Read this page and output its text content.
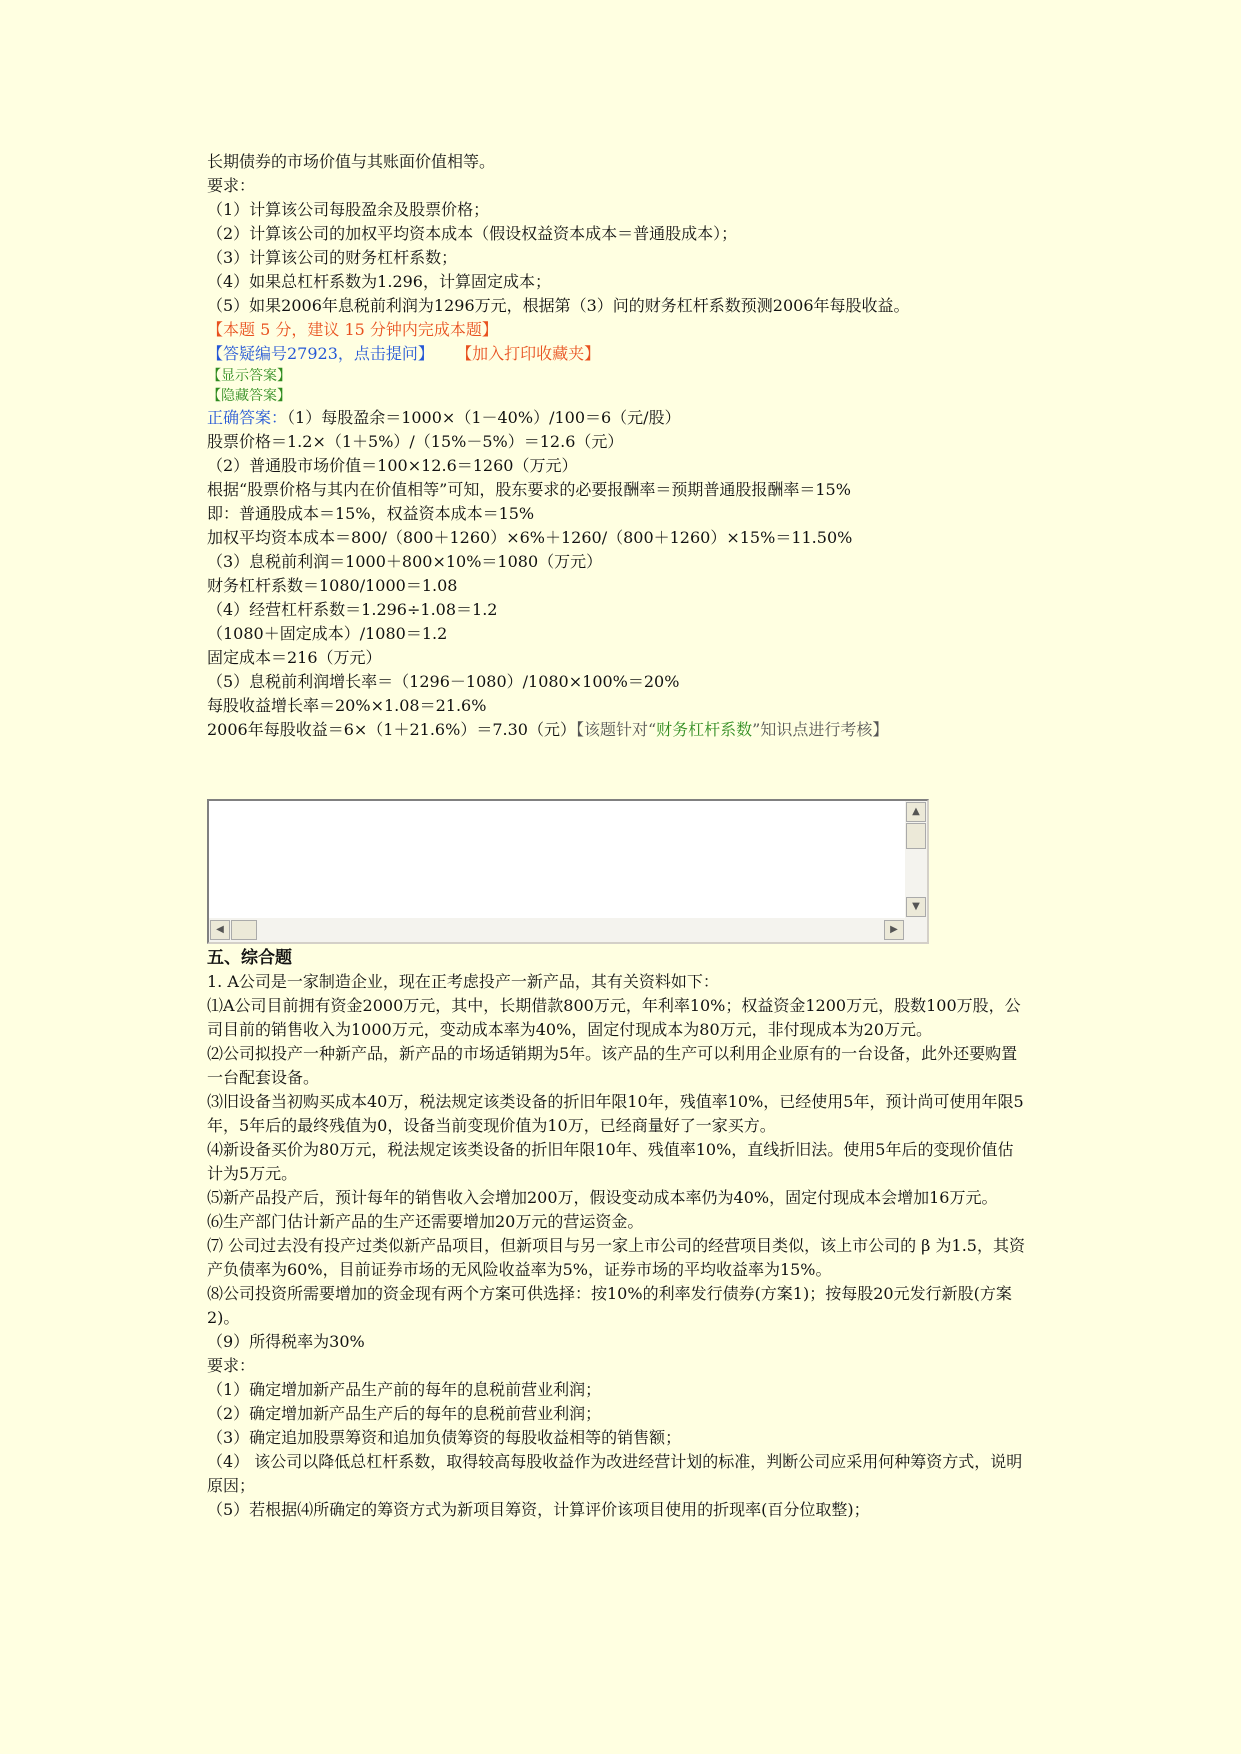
长期债券的市场价值与其账面价值相等。
要求：
（1）计算该公司每股盈余及股票价格；
（2）计算该公司的加权平均资本成本（假设权益资本成本＝普通股成本）；
（3）计算该公司的财务杠杆系数；
（4）如果总杠杆系数为1.296，计算固定成本；
（5）如果2006年息税前利润为1296万元，根据第（3）问的财务杠杆系数预测2006年每股收益。
【本题 5 分，建议 15 分钟内完成本题】
【答疑编号27923，点击提问】 【加入打印收藏夹】
【显示答案】
【隐藏答案】
正确答案：（1）每股盈余＝1000×（1－40%）/100＝6（元/股）
股票价格＝1.2×（1＋5%）/（15%－5%）＝12.6（元）
（2）普通股市场价值＝100×12.6＝1260（万元）
根据“股票价格与其内在价值相等”可知，股东要求的必要报酬率＝预期普通股报酬率＝15%
即：普通股成本＝15%，权益资本成本＝15%
加权平均资本成本＝800/（800＋1260）×6%＋1260/（800＋1260）×15%＝11.50%
（3）息税前利润＝1000＋800×10%＝1080（万元）
财务杠杆系数＝1080/1000＝1.08
（4）经营杠杆系数＝1.296÷1.08＝1.2
（1080＋固定成本）/1080＝1.2
固定成本＝216（万元）
（5）息税前利润增长率＝（1296－1080）/1080×100%＝20%
每股收益增长率＝20%×1.08＝21.6%
2006年每股收益＝6×（1＋21.6%）＝7.30（元）【该题针对“财务杠杆系数”知识点进行考核】
▲
▼
◀	▶
五、综合题
1. A公司是一家制造企业，现在正考虑投产一新产品，其有关资料如下：
⑴A公司目前拥有资金2000万元，其中，长期借款800万元，年利率10%；权益资金1200万元，股数100万股，公司目前的销售收入为1000万元，变动成本率为40%，固定付现成本为80万元，非付现成本为20万元。
⑵公司拟投产一种新产品，新产品的市场适销期为5年。该产品的生产可以利用企业原有的一台设备，此外还要购置一台配套设备。
⑶旧设备当初购买成本40万，税法规定该类设备的折旧年限10年，残值率10%，已经使用5年，预计尚可使用年限5年，5年后的最终残值为0，设备当前变现价值为10万，已经商量好了一家买方。
⑷新设备买价为80万元，税法规定该类设备的折旧年限10年、残值率10%，直线折旧法。使用5年后的变现价值估计为5万元。
⑸新产品投产后，预计每年的销售收入会增加200万，假设变动成本率仍为40%，固定付现成本会增加16万元。
⑹生产部门估计新产品的生产还需要增加20万元的营运资金。
⑺ 公司过去没有投产过类似新产品项目，但新项目与另一家上市公司的经营项目类似，该上市公司的 β 为1.5，其资产负债率为60%，目前证券市场的无风险收益率为5%，证券市场的平均收益率为15%。
⑻公司投资所需要增加的资金现有两个方案可供选择：按10%的利率发行债券(方案1)；按每股20元发行新股(方案2)。
（9）所得税率为30%
要求：
（1）确定增加新产品生产前的每年的息税前营业利润；
（2）确定增加新产品生产后的每年的息税前营业利润；
（3）确定追加股票筹资和追加负债筹资的每股收益相等的销售额；
（4） 该公司以降低总杠杆系数，取得较高每股收益作为改进经营计划的标准，判断公司应采用何种筹资方式，说明原因；
（5）若根据⑷所确定的筹资方式为新项目筹资，计算评价该项目使用的折现率(百分位取整)；
